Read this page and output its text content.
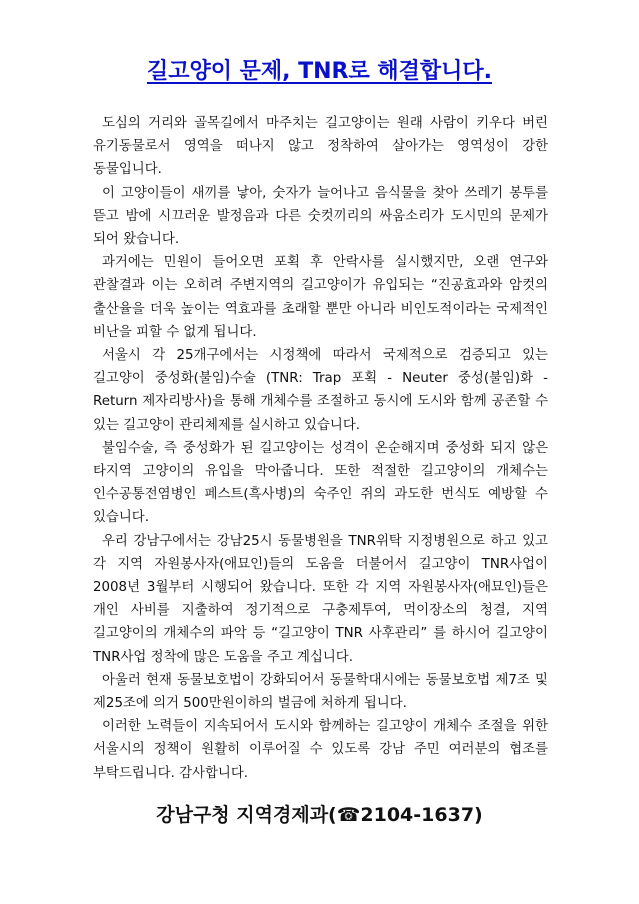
길고양이 문제, TNR로 해결합니다.

도심의 거리와 골목길에서 마주치는 길고양이는 원래 사람이 키우다 버린 유기동물로서 영역을 떠나지 않고 정착하여 살아가는 영역성이 강한 동물입니다.

이 고양이들이 새끼를 낳아, 숫자가 늘어나고 음식물을 찾아 쓰레기 봉투를 뜯고 밤에 시끄러운 발정음과 다른 숫컷끼리의 싸움소리가 도시민의 문제가 되어 왔습니다.

과거에는 민원이 들어오면 포획 후 안락사를 실시했지만, 오랜 연구와 관찰결과 이는 오히려 주변지역의 길고양이가 유입되는 “진공효과와 암컷의 출산율을 더욱 높이는 역효과를 초래할 뿐만 아니라 비인도적이라는 국제적인 비난을 피할 수 없게 됩니다.

서울시 각 25개구에서는 시정책에 따라서 국제적으로 검증되고 있는 길고양이 중성화(불임)수술 (TNR: Trap 포획 - Neuter 중성(불임)화 - Return 제자리방사)을 통해 개체수를 조절하고 동시에 도시와 함께 공존할 수 있는 길고양이 관리체제를 실시하고 있습니다.

불임수술, 즉 중성화가 된 길고양이는 성격이 온순해지며 중성화 되지 않은 타지역 고양이의 유입을 막아줍니다. 또한 적절한 길고양이의 개체수는 인수공통전염병인 페스트(흑사병)의 숙주인 쥐의 과도한 번식도 예방할 수 있습니다.

우리 강남구에서는 강남25시 동물병원을 TNR위탁 지정병원으로 하고 있고 각 지역 자원봉사자(애묘인)들의 도움을 더불어서 길고양이 TNR사업이 2008년 3월부터 시행되어 왔습니다. 또한 각 지역 자원봉사자(애묘인)들은 개인 사비를 지출하여 정기적으로 구충제투여, 먹이장소의 청결, 지역 길고양이의 개체수의 파악 등 “길고양이 TNR 사후관리” 를 하시어 길고양이 TNR사업 정착에 많은 도움을 주고 계십니다.

아울러 현재 동물보호법이 강화되어서 동물학대시에는 동물보호법 제7조 및 제25조에 의거 500만원이하의 벌금에 처하게 됩니다.

이러한 노력들이 지속되어서 도시와 함께하는 길고양이 개체수 조절을 위한 서울시의 정책이 원활히 이루어질 수 있도록 강남 주민 여러분의 협조를 부탁드립니다. 감사합니다.

강남구청 지역경제과(☎2104-1637)
